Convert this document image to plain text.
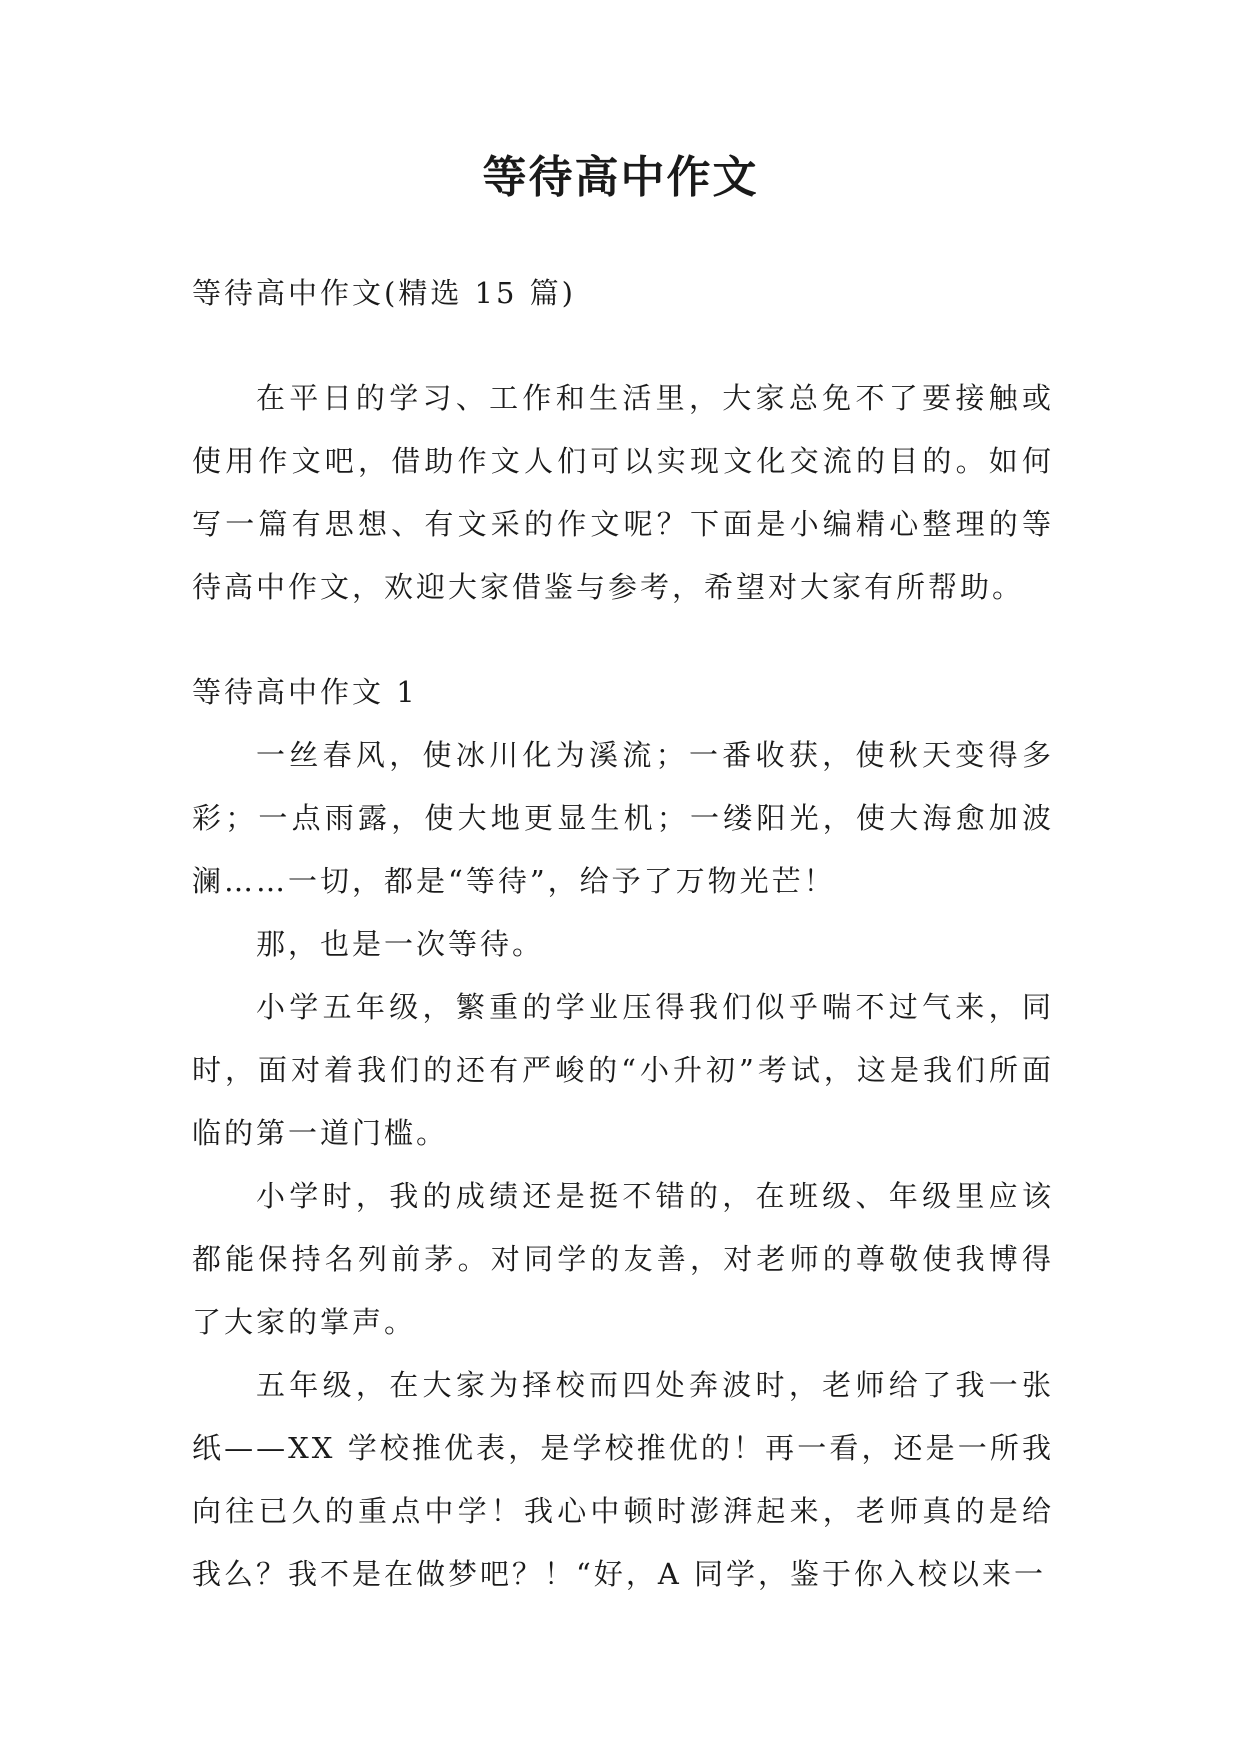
等待高中作文

等待高中作文(精选 15 篇)

在平日的学习、工作和生活里，大家总免不了要接触或使用作文吧，借助作文人们可以实现文化交流的目的。如何写一篇有思想、有文采的作文呢？下面是小编精心整理的等待高中作文，欢迎大家借鉴与参考，希望对大家有所帮助。

等待高中作文 1

一丝春风，使冰川化为溪流；一番收获，使秋天变得多彩；一点雨露，使大地更显生机；一缕阳光，使大海愈加波澜……一切，都是“等待”，给予了万物光芒！

那，也是一次等待。

小学五年级，繁重的学业压得我们似乎喘不过气来，同时，面对着我们的还有严峻的“小升初”考试，这是我们所面临的第一道门槛。

小学时，我的成绩还是挺不错的，在班级、年级里应该都能保持名列前茅。对同学的友善，对老师的尊敬使我博得了大家的掌声。

五年级，在大家为择校而四处奔波时，老师给了我一张纸——XX 学校推优表，是学校推优的！再一看，还是一所我向往已久的重点中学！我心中顿时澎湃起来，老师真的是给我么？我不是在做梦吧？！“好，A 同学，鉴于你入校以来一
